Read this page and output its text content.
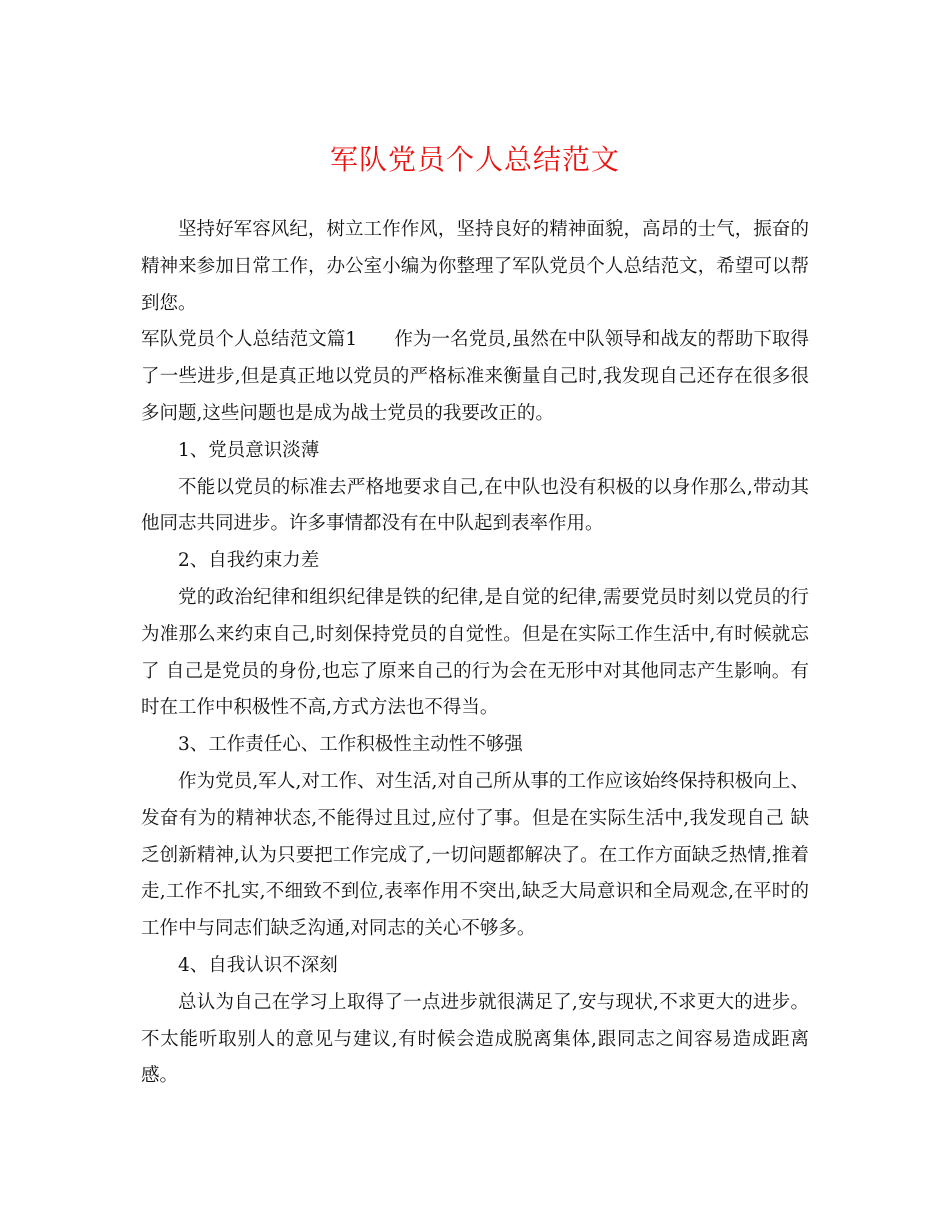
军队党员个人总结范文

坚持好军容风纪，树立工作作风，坚持良好的精神面貌，高昂的士气，振奋的精神来参加日常工作，办公室小编为你整理了军队党员个人总结范文，希望可以帮到您。

军队党员个人总结范文篇1　　作为一名党员,虽然在中队领导和战友的帮助下取得了一些进步,但是真正地以党员的严格标准来衡量自己时,我发现自己还存在很多很多问题,这些问题也是成为战士党员的我要改正的。

1、党员意识淡薄

不能以党员的标准去严格地要求自己,在中队也没有积极的以身作那么,带动其他同志共同进步。许多事情都没有在中队起到表率作用。

2、自我约束力差

党的政治纪律和组织纪律是铁的纪律,是自觉的纪律,需要党员时刻以党员的行为准那么来约束自己,时刻保持党员的自觉性。但是在实际工作生活中,有时候就忘了 自己是党员的身份,也忘了原来自己的行为会在无形中对其他同志产生影响。有时在工作中积极性不高,方式方法也不得当。

3、工作责任心、工作积极性主动性不够强

作为党员,军人,对工作、对生活,对自己所从事的工作应该始终保持积极向上、发奋有为的精神状态,不能得过且过,应付了事。但是在实际生活中,我发现自己 缺乏创新精神,认为只要把工作完成了,一切问题都解决了。在工作方面缺乏热情,推着走,工作不扎实,不细致不到位,表率作用不突出,缺乏大局意识和全局观念,在平时的工作中与同志们缺乏沟通,对同志的关心不够多。

4、自我认识不深刻

总认为自己在学习上取得了一点进步就很满足了,安与现状,不求更大的进步。不太能听取别人的意见与建议,有时候会造成脱离集体,跟同志之间容易造成距离感。
